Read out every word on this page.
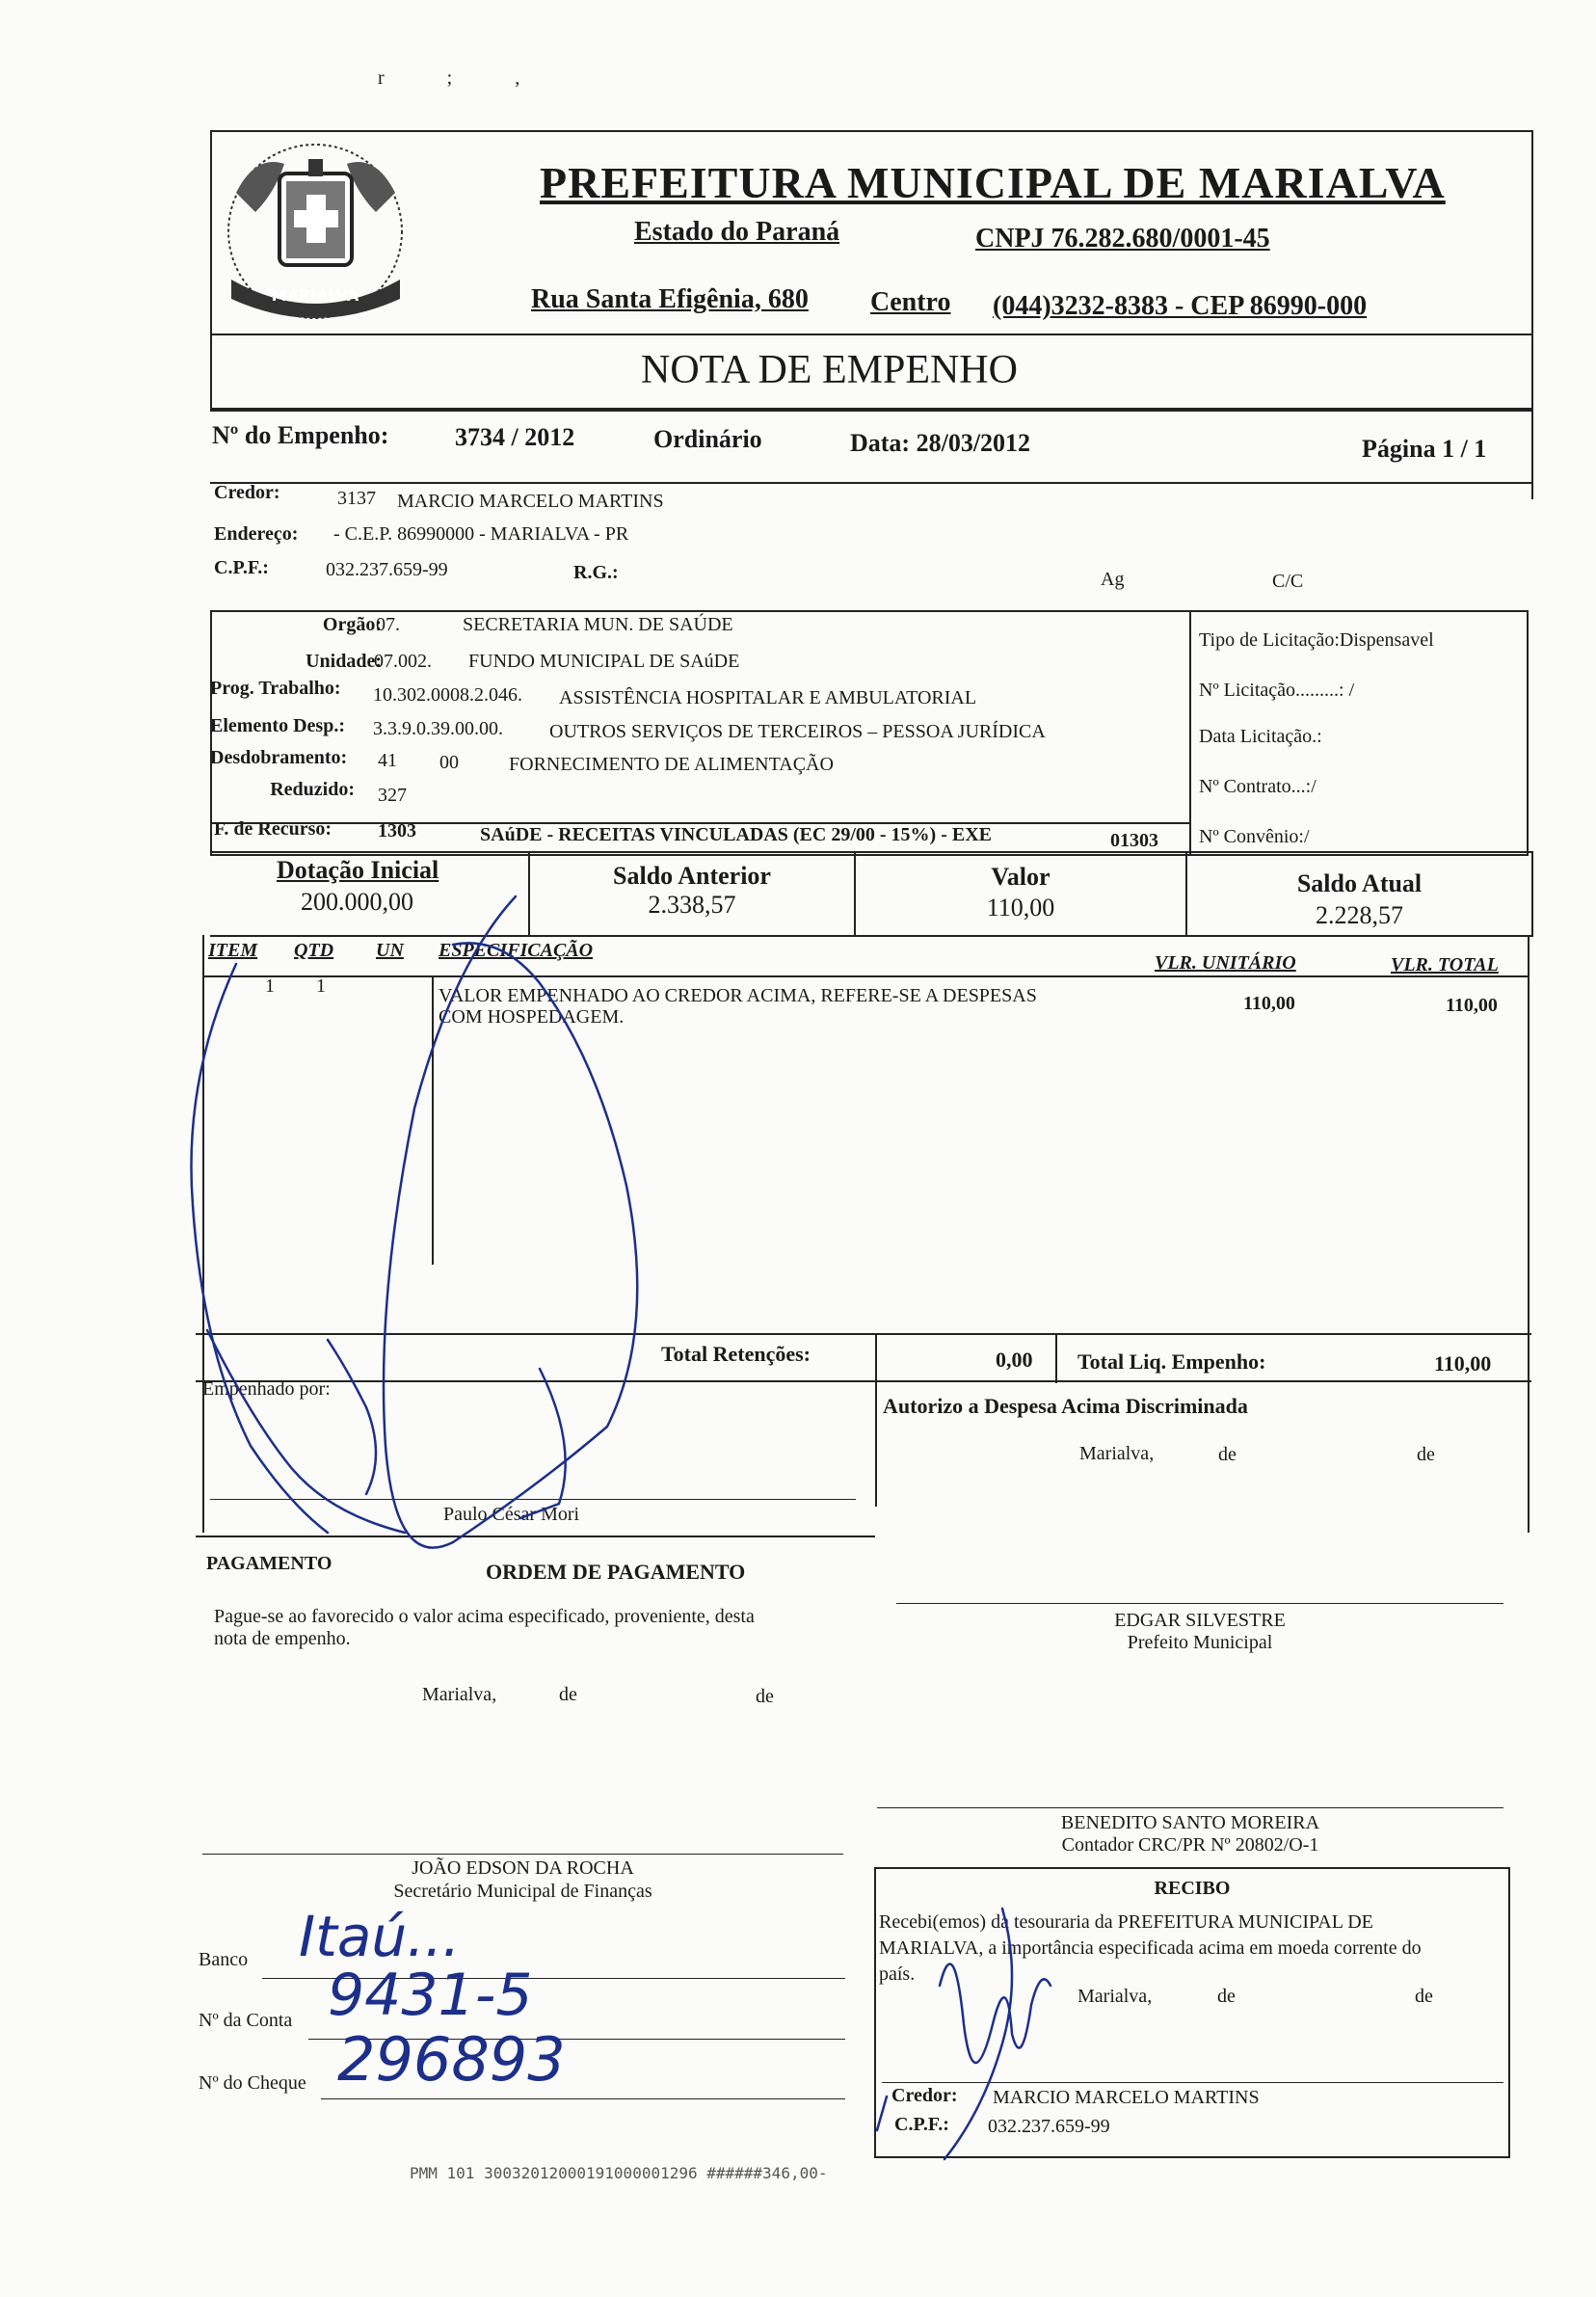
r ; ,
MARIALVA
PREFEITURA MUNICIPAL DE MARIALVA
Estado do Paraná	CNPJ 76.282.680/0001-45
Rua Santa Efigênia, 680 Centro (044)3232-8383 - CEP 86990-000
NOTA DE EMPENHO
Nº do Empenho:	3734 / 2012	Ordinário	Data: 28/03/2012	Página 1 / 1
Credor:	3137 MARCIO MARCELO MARTINS
Endereço: - C.E.P. 86990000 - MARIALVA - PR
C.P.F.:	032.237.659-99	R.G.:	Ag	C/C
Orgão:
07.	SECRETARIA MUN. DE SAÚDE
Unidade:
07.002. FUNDO MUNICIPAL DE SAúDE
Prog. Trabalho: 10.302.0008.2.046. ASSISTÊNCIA HOSPITALAR E AMBULATORIAL
Elemento Desp.: 3.3.9.0.39.00.00. OUTROS SERVIÇOS DE TERCEIROS – PESSOA JURÍDICA
Desdobramento: 41 00	FORNECIMENTO DE ALIMENTAÇÃO
Reduzido: 327
F. de Recurso: 1303	SAúDE - RECEITAS VINCULADAS (EC 29/00 - 15%) - EXE	01303
Tipo de Licitação:Dispensavel
Nº Licitação.........: /
Data Licitação.:
Nº Contrato...:/
Nº Convênio:/
Dotação Inicial
200.000,00
Saldo Anterior
2.338,57
Valor
110,00
Saldo Atual
2.228,57
ITEM QTD UN ESPECIFICAÇÃO
VLR. UNITÁRIO	VLR. TOTAL
1 1	VALOR EMPENHADO AO CREDOR ACIMA, REFERE-SE A DESPESAS
COM HOSPEDAGEM.
110,00	110,00
Total Retenções:	0,00 Total Liq. Empenho:	110,00
Empenhado por:
Paulo César Mori
Autorizo a Despesa Acima Discriminada
Marialva,	de	de
EDGAR SILVESTRE
Prefeito Municipal
PAGAMENTO	ORDEM DE PAGAMENTO
Pague-se ao favorecido o valor acima especificado, proveniente, desta
nota de empenho.
Marialva,	de	de
JOÃO EDSON DA ROCHA
Secretário Municipal de Finanças
Banco Itaú...
Nº da Conta 9431-5
Nº do Cheque 296893
BENEDITO SANTO MOREIRA
Contador CRC/PR Nº 20802/O-1
RECIBO
Recebi(emos) da tesouraria da PREFEITURA MUNICIPAL DE
MARIALVA, a importância especificada acima em moeda corrente do
país.
Marialva,	de	de
Credor: MARCIO MARCELO MARTINS
C.P.F.: 032.237.659-99
PMM 101 30032012000191000001296 ######346,00-
